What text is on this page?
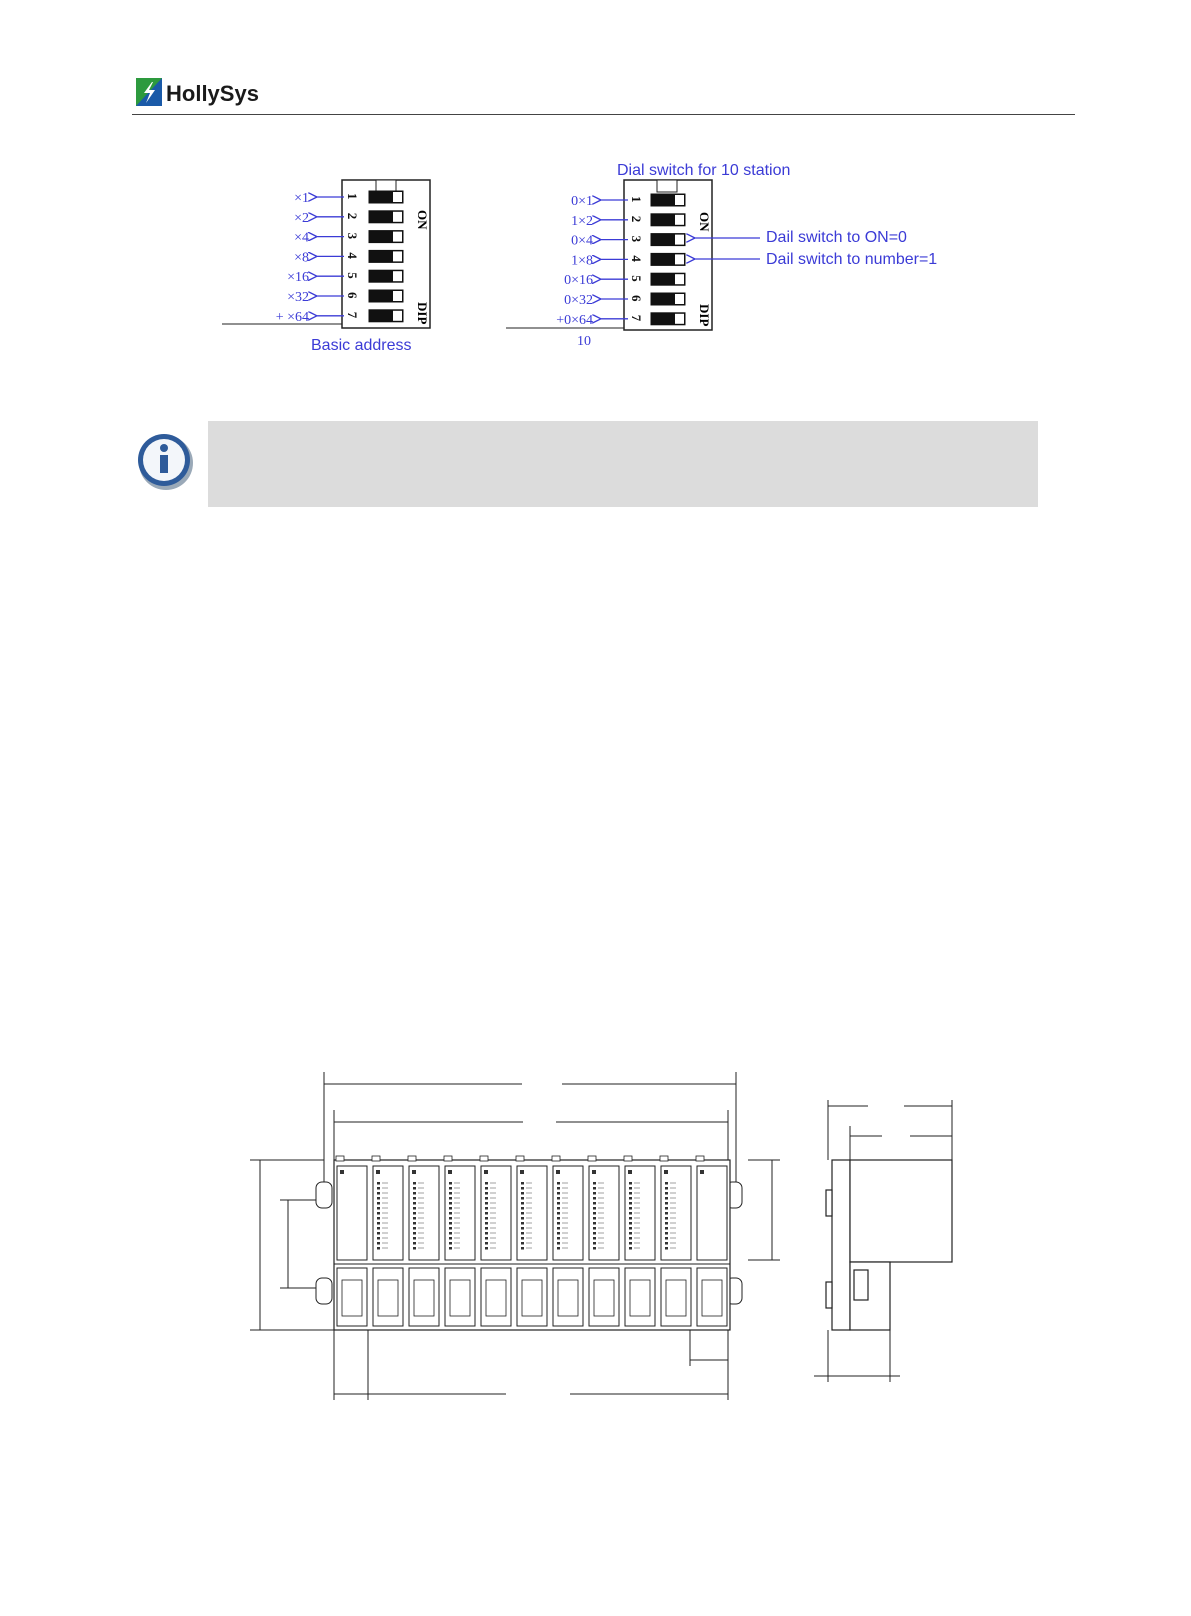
HollySys
ON
DIP
×1	1
×2	2
×4	3
×8	4
×16	5
×32	6
+ ×64	7
Basic address
Dial switch for 10 station
ON
DIP
0×1	1
1×2	2
0×4	3
1×8	4
0×16	5
0×32	6
+0×64	7
10
Dail switch to ON=0
Dail switch to number=1
